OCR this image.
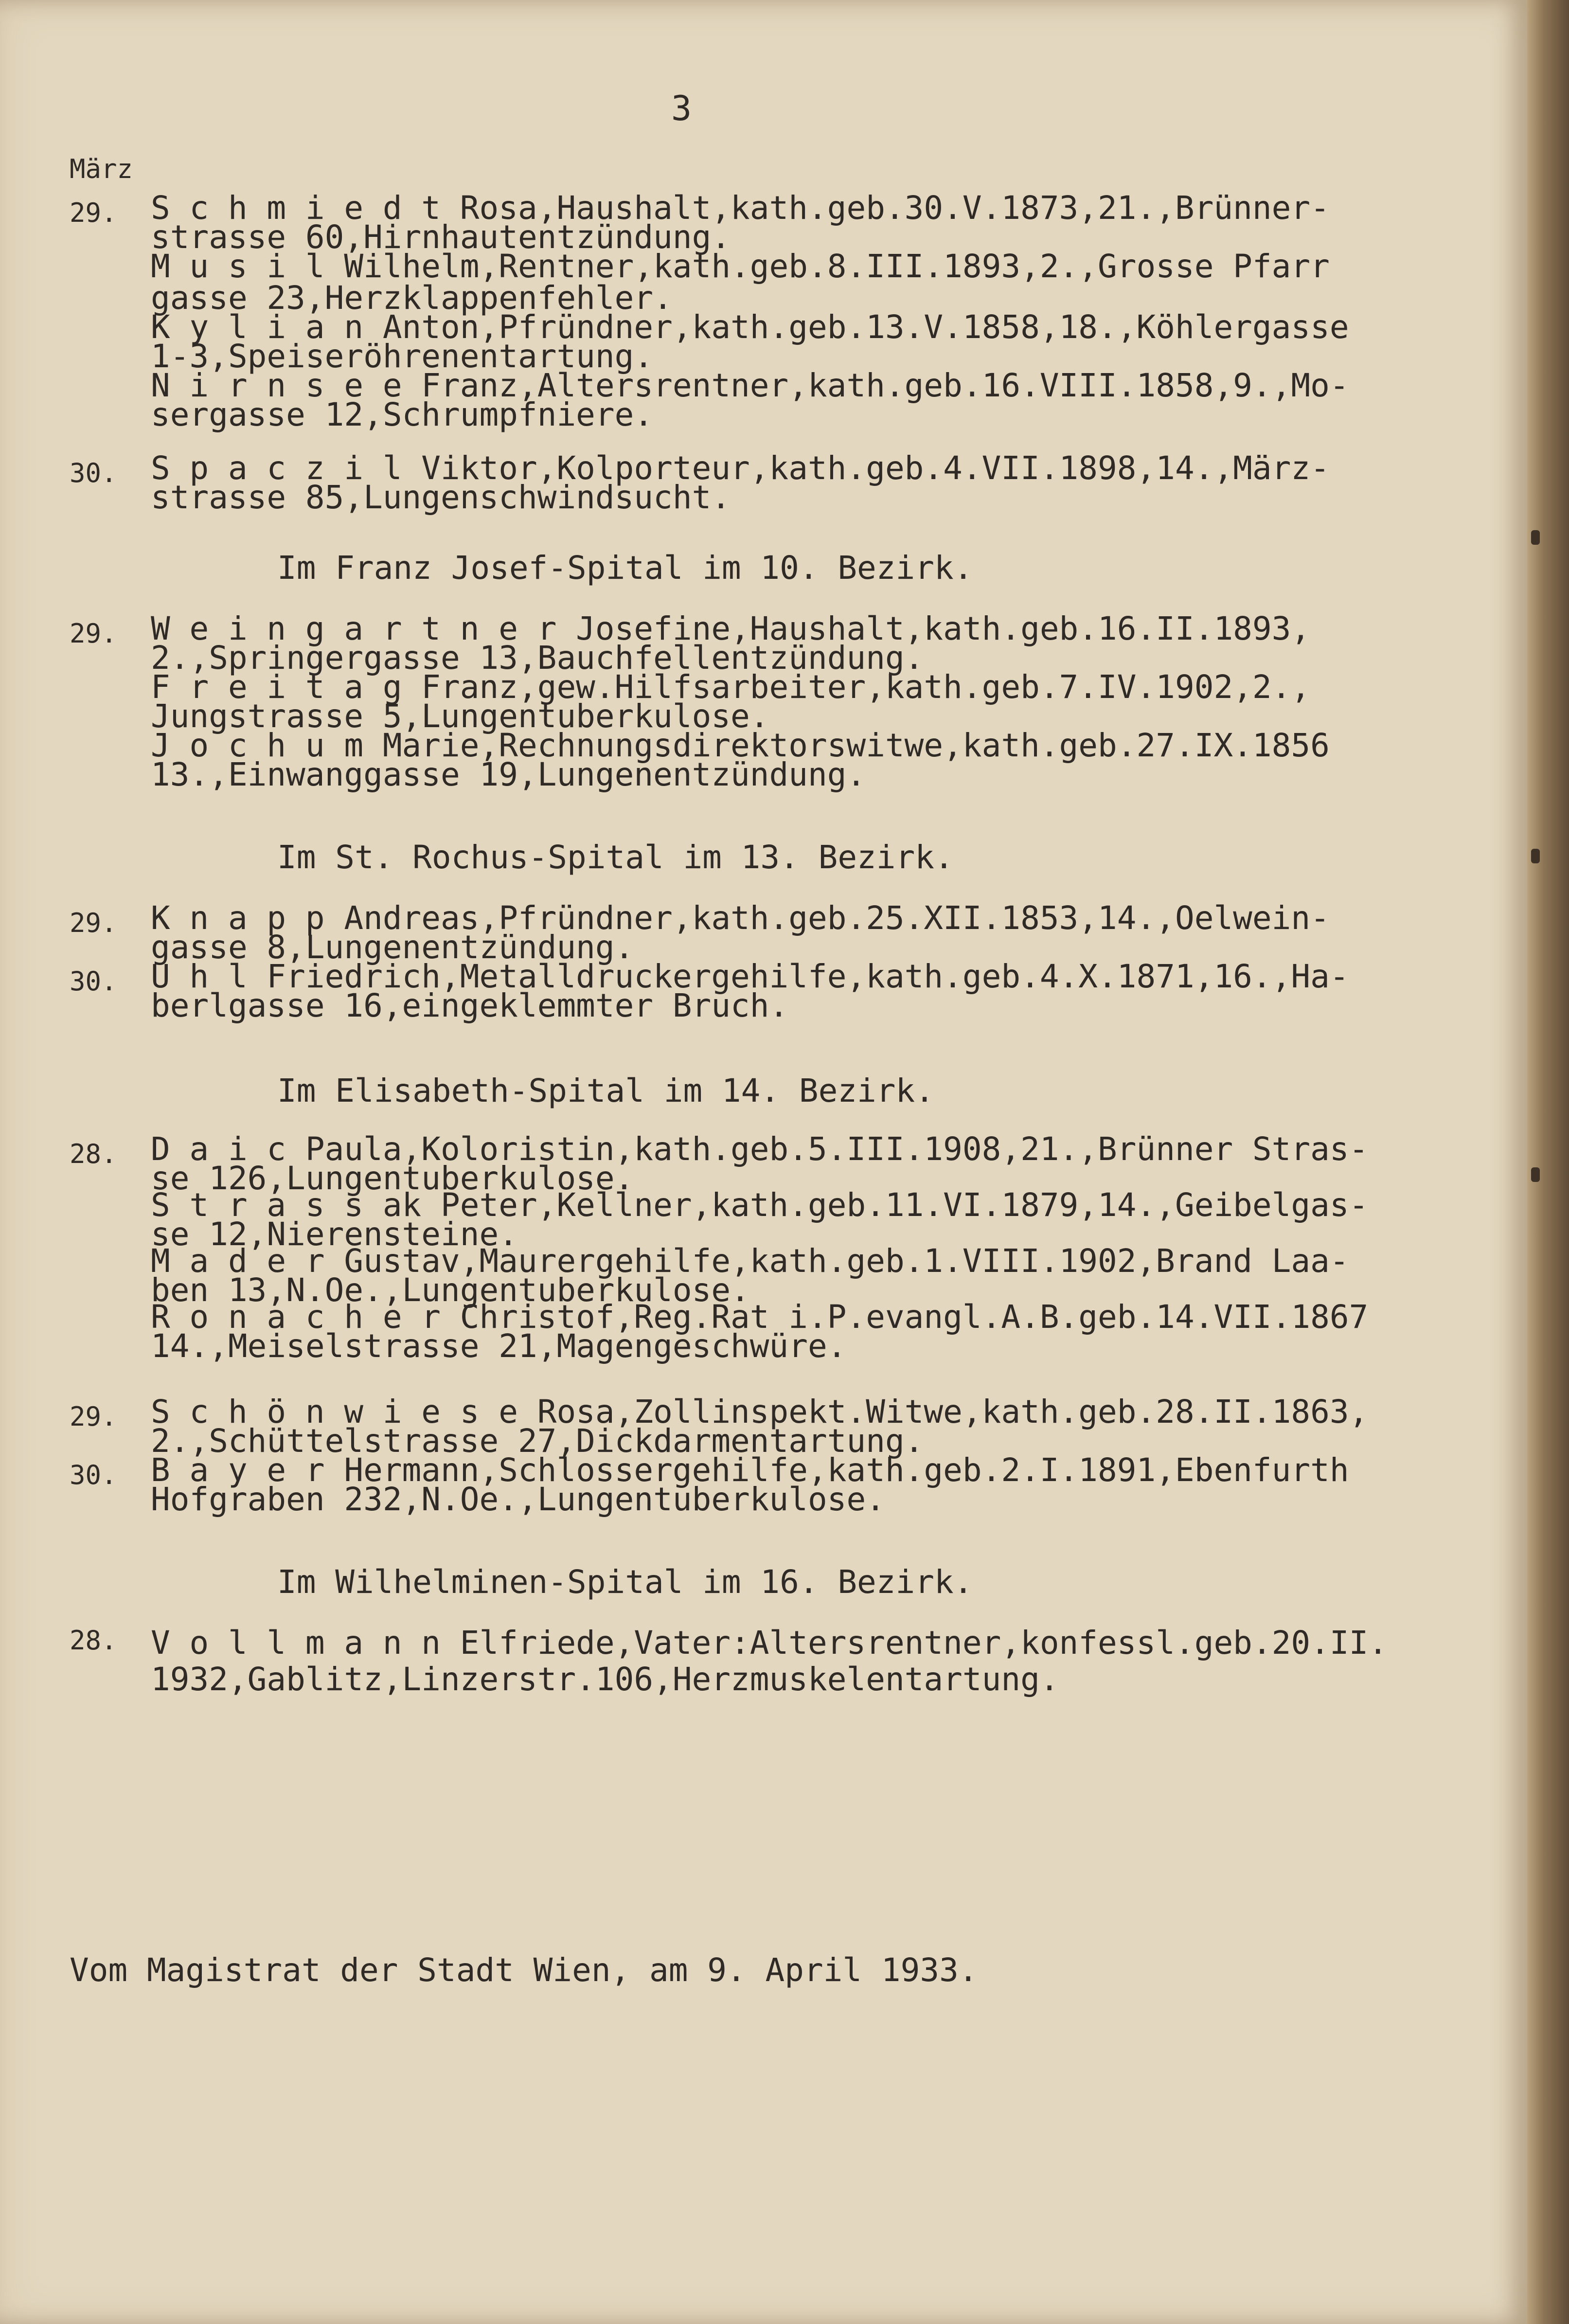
3
März
29. S c h m i e d t Rosa,Haushalt,kath.geb.30.V.1873,21.,Brünner-
strasse 60,Hirnhautentzündung.
M u s i l Wilhelm,Rentner,kath.geb.8.III.1893,2.,Grosse Pfarr
gasse 23,Herzklappenfehler.
K y l i a n Anton,Pfründner,kath.geb.13.V.1858,18.,Köhlergasse
1-3,Speiseröhrenentartung.
N i r n s e e Franz,Altersrentner,kath.geb.16.VIII.1858,9.,Mo-
sergasse 12,Schrumpfniere.
30. S p a c z i l Viktor,Kolporteur,kath.geb.4.VII.1898,14.,März-
strasse 85,Lungenschwindsucht.
Im Franz Josef-Spital im 10. Bezirk.
29. W e i n g a r t n e r Josefine,Haushalt,kath.geb.16.II.1893,
2.,Springergasse 13,Bauchfellentzündung.
F r e i t a g Franz,gew.Hilfsarbeiter,kath.geb.7.IV.1902,2.,
Jungstrasse 5,Lungentuberkulose.
J o c h u m Marie,Rechnungsdirektorswitwe,kath.geb.27.IX.1856
13.,Einwanggasse 19,Lungenentzündung.
Im St. Rochus-Spital im 13. Bezirk.
29. K n a p p Andreas,Pfründner,kath.geb.25.XII.1853,14.,Oelwein-
gasse 8,Lungenentzündung.
30. U h l Friedrich,Metalldruckergehilfe,kath.geb.4.X.1871,16.,Ha-
berlgasse 16,eingeklemmter Bruch.
Im Elisabeth-Spital im 14. Bezirk.
28. D a i c Paula,Koloristin,kath.geb.5.III.1908,21.,Brünner Stras-
se 126,Lungentuberkulose.
S t r a s s ak Peter,Kellner,kath.geb.11.VI.1879,14.,Geibelgas-
se 12,Nierensteine.
M a d e r Gustav,Maurergehilfe,kath.geb.1.VIII.1902,Brand Laa-
ben 13,N.Oe.,Lungentuberkulose.
R o n a c h e r Christof,Reg.Rat i.P.evangl.A.B.geb.14.VII.1867
14.,Meiselstrasse 21,Magengeschwüre.
29. S c h ö n w i e s e Rosa,Zollinspekt.Witwe,kath.geb.28.II.1863,
2.,Schüttelstrasse 27,Dickdarmentartung.
30. B a y e r Hermann,Schlossergehilfe,kath.geb.2.I.1891,Ebenfurth
Hofgraben 232,N.Oe.,Lungentuberkulose.
Im Wilhelminen-Spital im 16. Bezirk.
28. V o l l m a n n Elfriede,Vater:Altersrentner,konfessl.geb.20.II.
1932,Gablitz,Linzerstr.106,Herzmuskelentartung.
Vom Magistrat der Stadt Wien, am 9. April 1933.
